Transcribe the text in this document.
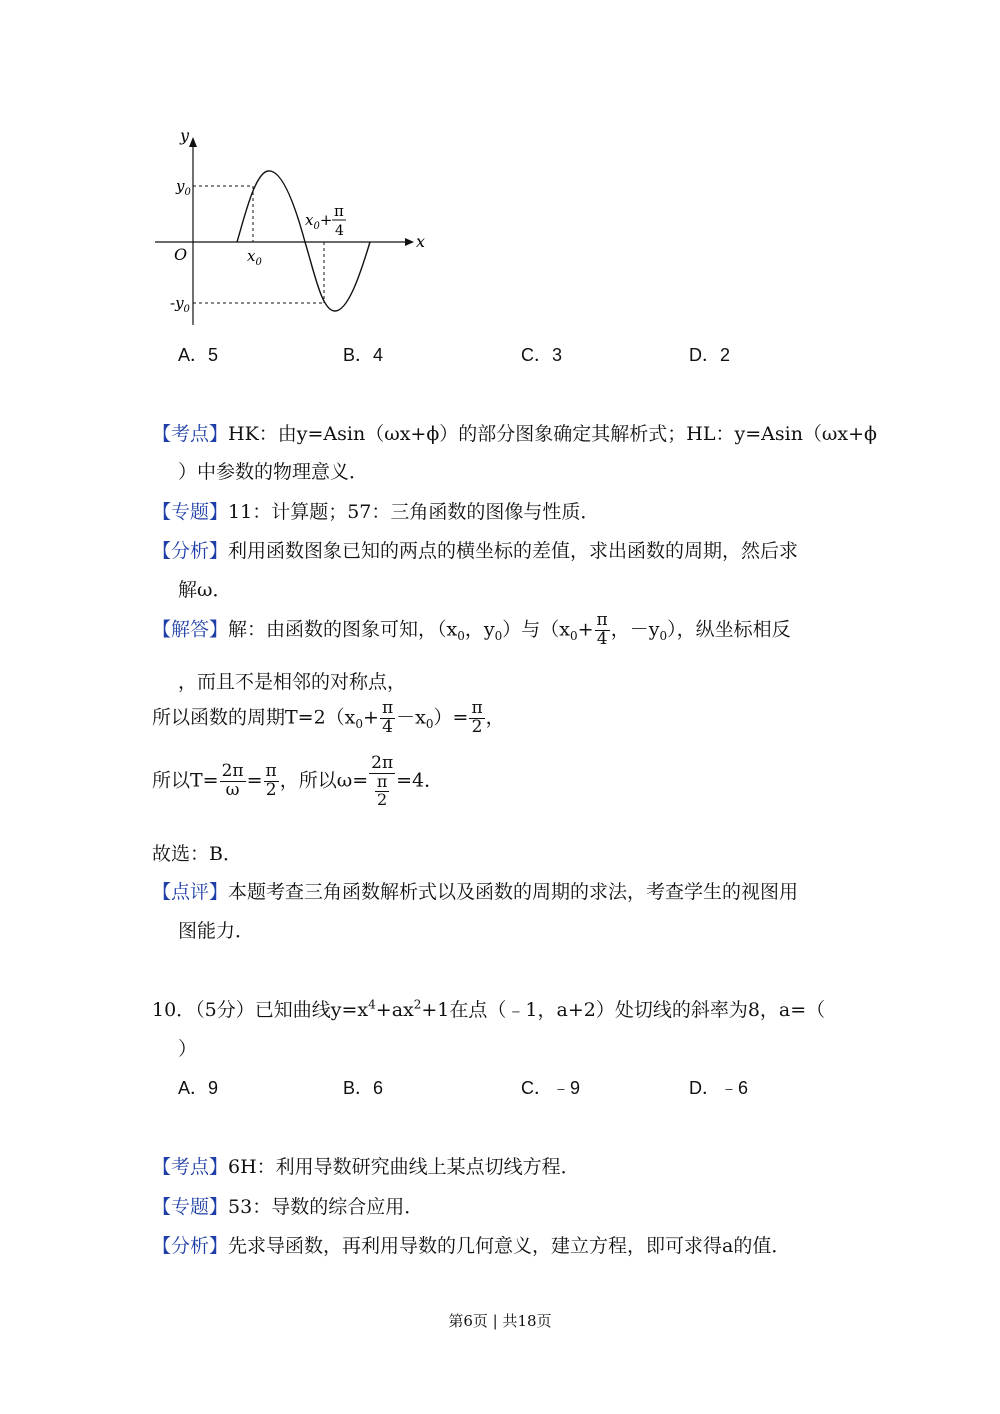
y
x
O
$y_0$
$-y_0$
$x_0$
$x_0+ \pi$
4
A．5	B．4	C．3	D．2
【考点】HK：由y=Asin（ωx+ϕ）的部分图象确定其解析式；HL：y=Asin（ωx+ϕ
）中参数的物理意义．
【专题】11：计算题；57：三角函数的图像与性质．
【分析】利用函数图象已知的两点的横坐标的差值，求出函数的周期，然后求
解ω．
【解答】解：由函数的图象可知，（$x_0$，$y_0$）与（$x_0+ \frac{\pi}{4}$ ，$-y_0$），纵坐标相反
，而且不是相邻的对称点，
所以函数的周期$T=2(x_0+ \frac{\pi}{4} -x_0)= \frac{\pi}{2}$ ，
所以$T= \frac{2\pi}{\omega} = \frac{\pi}{2}$ ，所以$\omega= \frac{2\pi}{\frac{\pi}{2}} =4$．
故选：B．
【点评】本题考查三角函数解析式以及函数的周期的求法，考查学生的视图用
图能力．
10．（5分）已知曲线$y=x^4+ax^2+1$在点（﹣1，a+2）处切线的斜率为8，a=（
）
A．9	B．6	C．﹣9	D．﹣6
【考点】6H：利用导数研究曲线上某点切线方程．
【专题】53：导数的综合应用．
【分析】先求导函数，再利用导数的几何意义，建立方程，即可求得a的值．
第6页 | 共18页
